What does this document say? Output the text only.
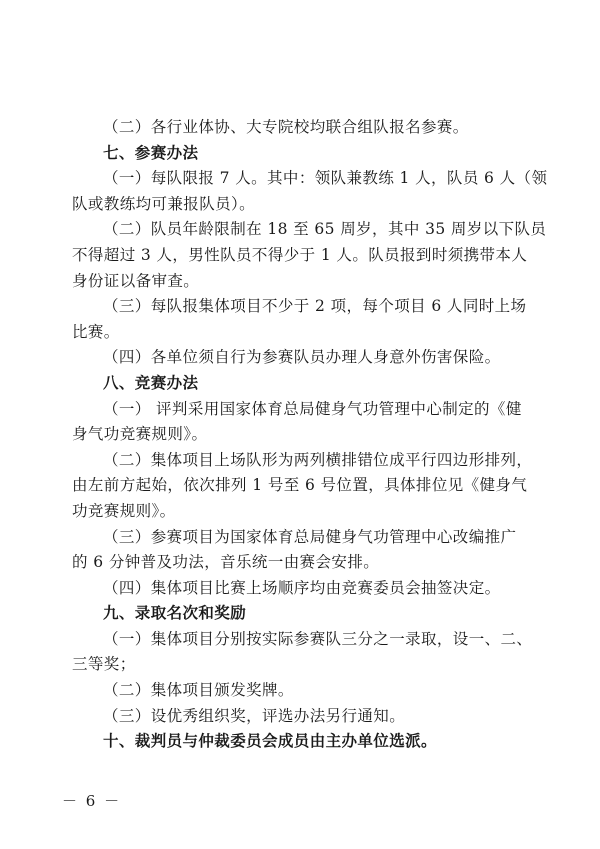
（二）各行业体协、大专院校均联合组队报名参赛。

七、参赛办法

（一）每队限报 7 人。其中：领队兼教练 1 人，队员 6 人（领

队或教练均可兼报队员）。

（二）队员年龄限制在 18 至 65 周岁，其中 35 周岁以下队员

不得超过 3 人，男性队员不得少于 1 人。队员报到时须携带本人

身份证以备审查。

（三）每队报集体项目不少于 2 项，每个项目 6 人同时上场

比赛。

（四）各单位须自行为参赛队员办理人身意外伤害保险。

八、竞赛办法

（一） 评判采用国家体育总局健身气功管理中心制定的《健

身气功竞赛规则》。

（二）集体项目上场队形为两列横排错位成平行四边形排列，

由左前方起始，依次排列 1 号至 6 号位置，具体排位见《健身气

功竞赛规则》。

（三）参赛项目为国家体育总局健身气功管理中心改编推广

的 6 分钟普及功法，音乐统一由赛会安排。

（四）集体项目比赛上场顺序均由竞赛委员会抽签决定。

九、录取名次和奖励

（一）集体项目分别按实际参赛队三分之一录取，设一、二、

三等奖；

（二）集体项目颁发奖牌。

（三）设优秀组织奖，评选办法另行通知。

十、裁判员与仲裁委员会成员由主办单位选派。

－ 6 －
